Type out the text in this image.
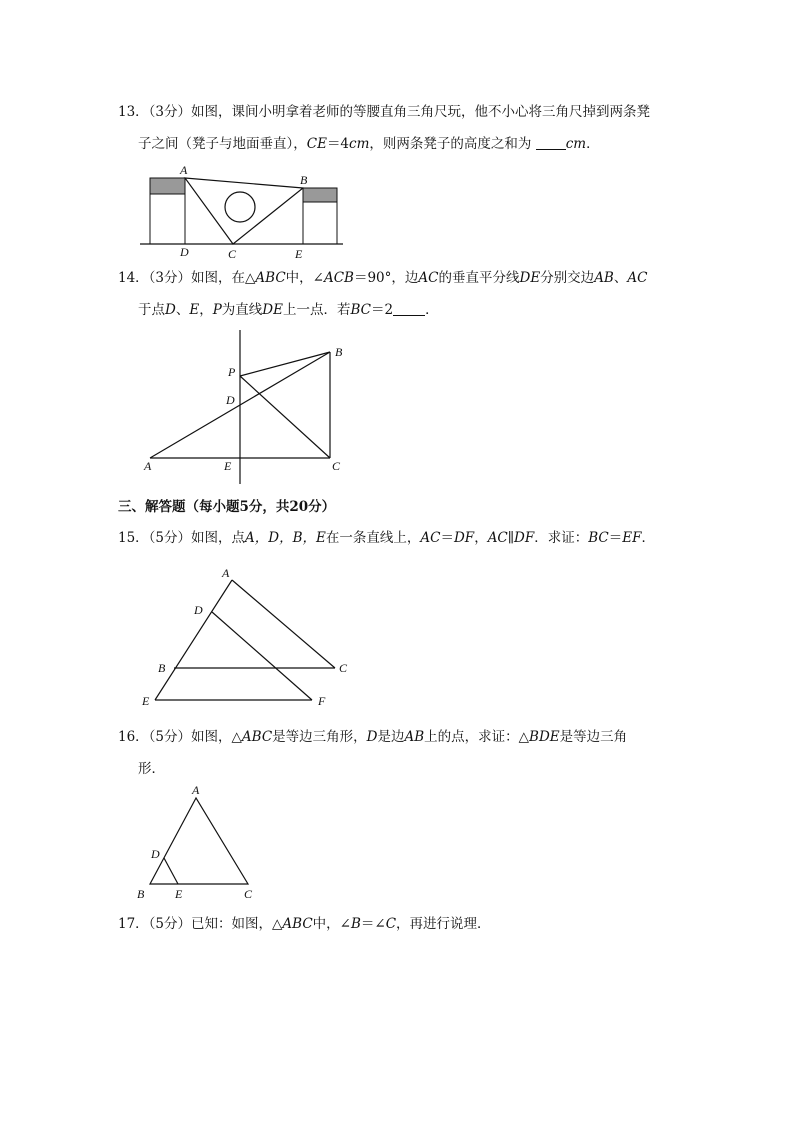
13．（3分）如图，课间小明拿着老师的等腰直角三角尺玩，他不小心将三角尺掉到两条凳
子之间（凳子与地面垂直），CE＝4cm，则两条凳子的高度之和为	cm．
A
B
D	C	E
14．（3分）如图，在△ABC中，∠ACB＝90°，边AC的垂直平分线DE分别交边AB、AC
于点D、E，P为直线DE上一点．若BC＝2 ．
P
B
D
A	E	C
三、解答题（每小题5分，共20分）
15．（5分）如图，点A，D，B，E在一条直线上，AC＝DF，AC∥DF．求证：BC＝EF．
A
D
B	C
E	F
16．（5分）如图，△ABC是等边三角形，D是边AB上的点，求证：△BDE是等边三角
形．
A
D
B	E	C
17．（5分）已知：如图，△ABC中，∠B＝∠C，再进行说理．
